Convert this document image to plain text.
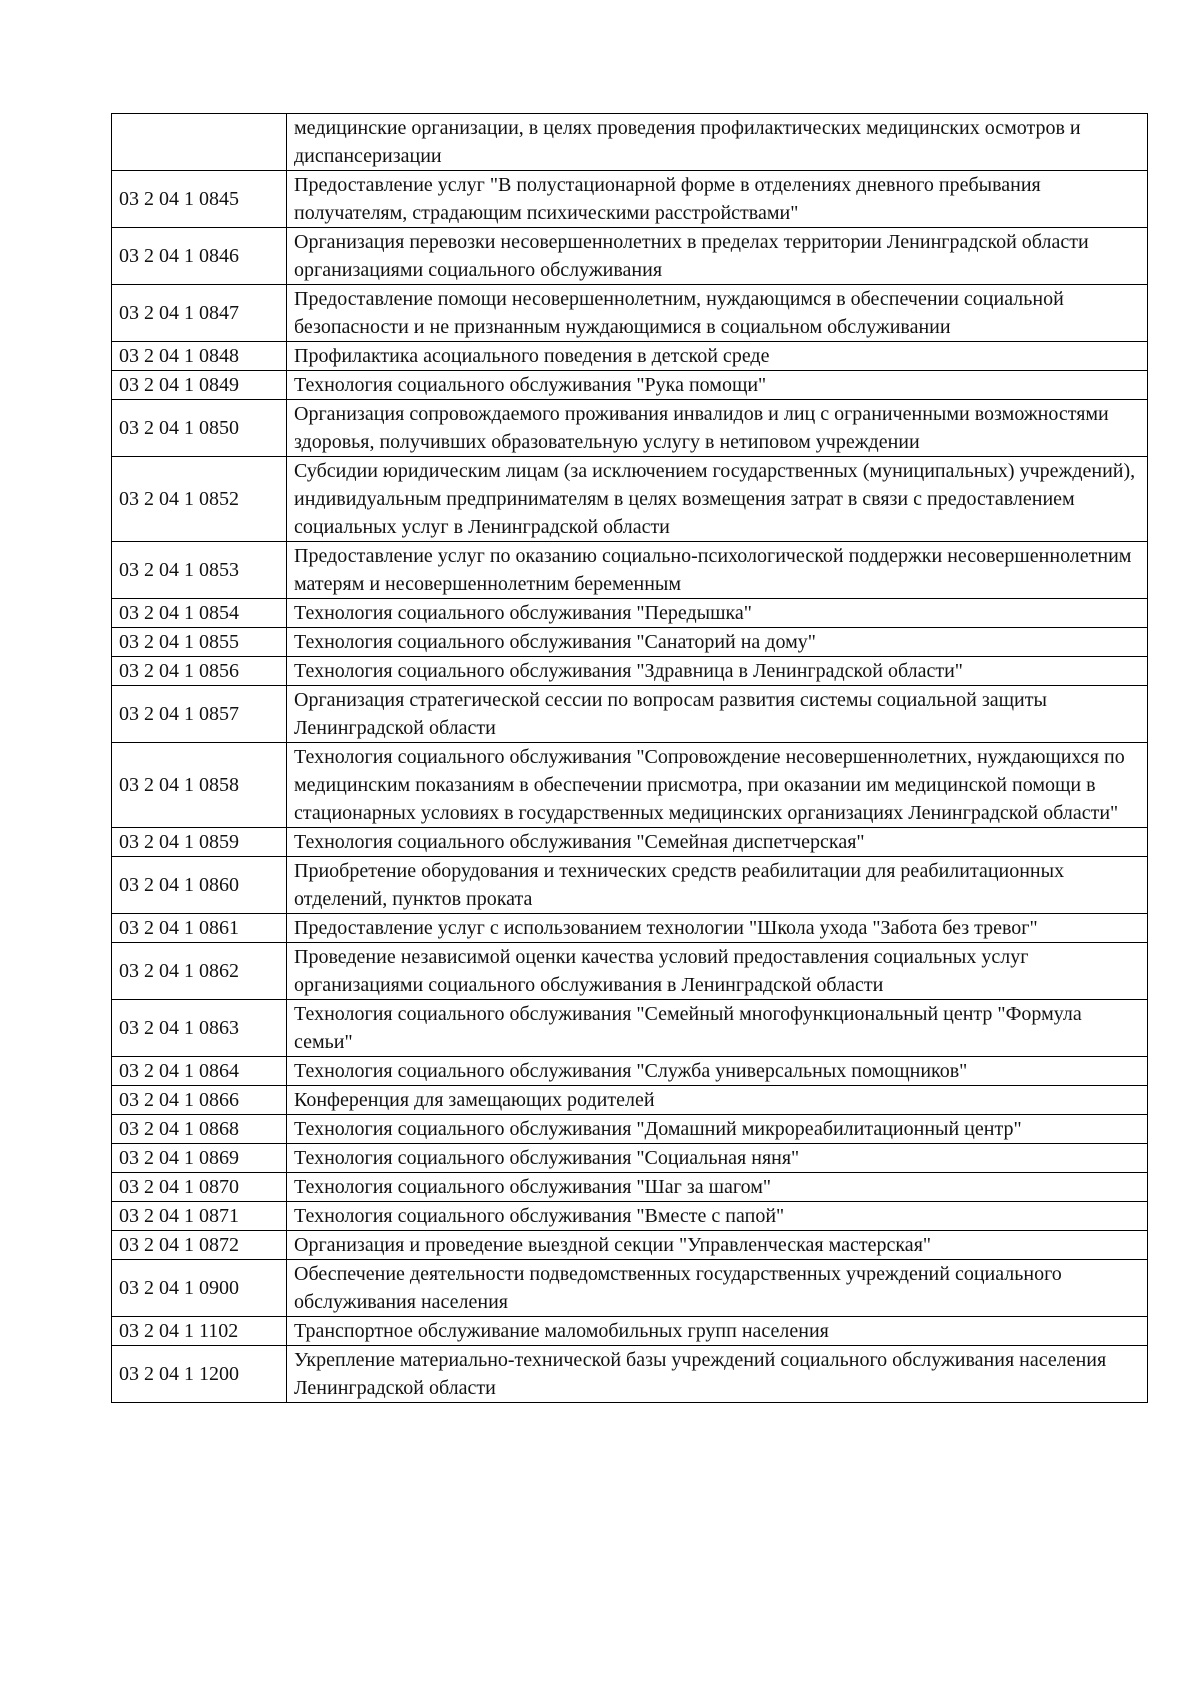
	медицинские организации, в целях проведения профилактических медицинских осмотров и диспансеризации
03 2 04 1 0845	Предоставление услуг "В полустационарной форме в отделениях дневного пребывания получателям, страдающим психическими расстройствами"
03 2 04 1 0846	Организация перевозки несовершеннолетних в пределах территории Ленинградской области организациями социального обслуживания
03 2 04 1 0847	Предоставление помощи несовершеннолетним, нуждающимся в обеспечении социальной безопасности и не признанным нуждающимися в социальном обслуживании
03 2 04 1 0848	Профилактика асоциального поведения в детской среде
03 2 04 1 0849	Технология социального обслуживания "Рука помощи"
03 2 04 1 0850	Организация сопровождаемого проживания инвалидов и лиц с ограниченными возможностями здоровья, получивших образовательную услугу в нетиповом учреждении
03 2 04 1 0852	Субсидии юридическим лицам (за исключением государственных (муниципальных) учреждений), индивидуальным предпринимателям в целях возмещения затрат в связи с предоставлением социальных услуг в Ленинградской области
03 2 04 1 0853	Предоставление услуг по оказанию социально-психологической поддержки несовершеннолетним матерям и несовершеннолетним беременным
03 2 04 1 0854	Технология социального обслуживания "Передышка"
03 2 04 1 0855	Технология социального обслуживания "Санаторий на дому"
03 2 04 1 0856	Технология социального обслуживания "Здравница в Ленинградской области"
03 2 04 1 0857	Организация стратегической сессии по вопросам развития системы социальной защиты Ленинградской области
03 2 04 1 0858	Технология социального обслуживания "Сопровождение несовершеннолетних, нуждающихся по медицинским показаниям в обеспечении присмотра, при оказании им медицинской помощи в стационарных условиях в государственных медицинских организациях Ленинградской области"
03 2 04 1 0859	Технология социального обслуживания "Семейная диспетчерская"
03 2 04 1 0860	Приобретение оборудования и технических средств реабилитации для реабилитационных отделений, пунктов проката
03 2 04 1 0861	Предоставление услуг с использованием технологии "Школа ухода "Забота без тревог"
03 2 04 1 0862	Проведение независимой оценки качества условий предоставления социальных услуг организациями социального обслуживания в Ленинградской области
03 2 04 1 0863	Технология социального обслуживания "Семейный многофункциональный центр "Формула семьи"
03 2 04 1 0864	Технология социального обслуживания "Служба универсальных помощников"
03 2 04 1 0866	Конференция для замещающих родителей
03 2 04 1 0868	Технология социального обслуживания "Домашний микрореабилитационный центр"
03 2 04 1 0869	Технология социального обслуживания "Социальная няня"
03 2 04 1 0870	Технология социального обслуживания "Шаг за шагом"
03 2 04 1 0871	Технология социального обслуживания "Вместе с папой"
03 2 04 1 0872	Организация и проведение выездной секции "Управленческая мастерская"
03 2 04 1 0900	Обеспечение деятельности подведомственных государственных учреждений социального обслуживания населения
03 2 04 1 1102	Транспортное обслуживание маломобильных групп населения
03 2 04 1 1200	Укрепление материально-технической базы учреждений социального обслуживания населения Ленинградской области
